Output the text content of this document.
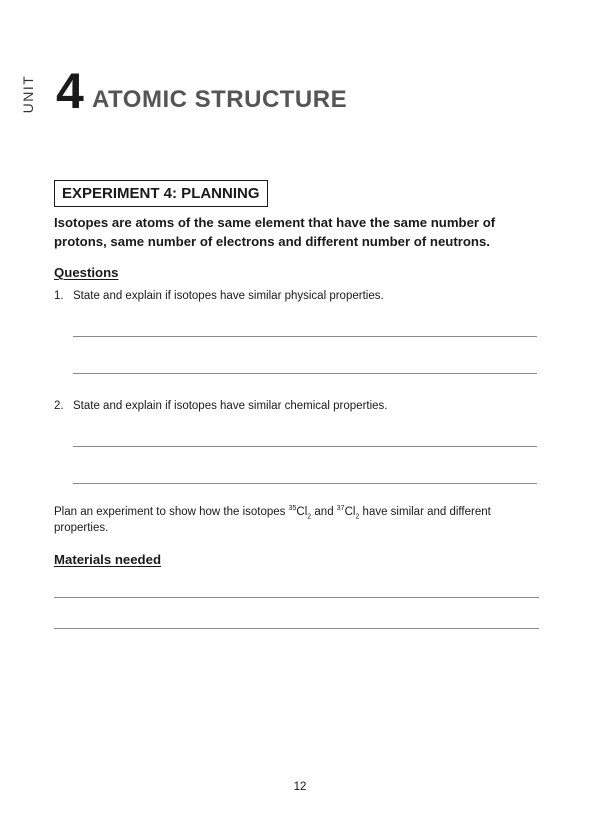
UNIT 4 ATOMIC STRUCTURE
EXPERIMENT 4: PLANNING
Isotopes are atoms of the same element that have the same number of protons, same number of electrons and different number of neutrons.
Questions
1. State and explain if isotopes have similar physical properties.
2. State and explain if isotopes have similar chemical properties.
Plan an experiment to show how the isotopes $^{35}Cl_2$ and $^{37}Cl_2$ have similar and different properties.
Materials needed
12
